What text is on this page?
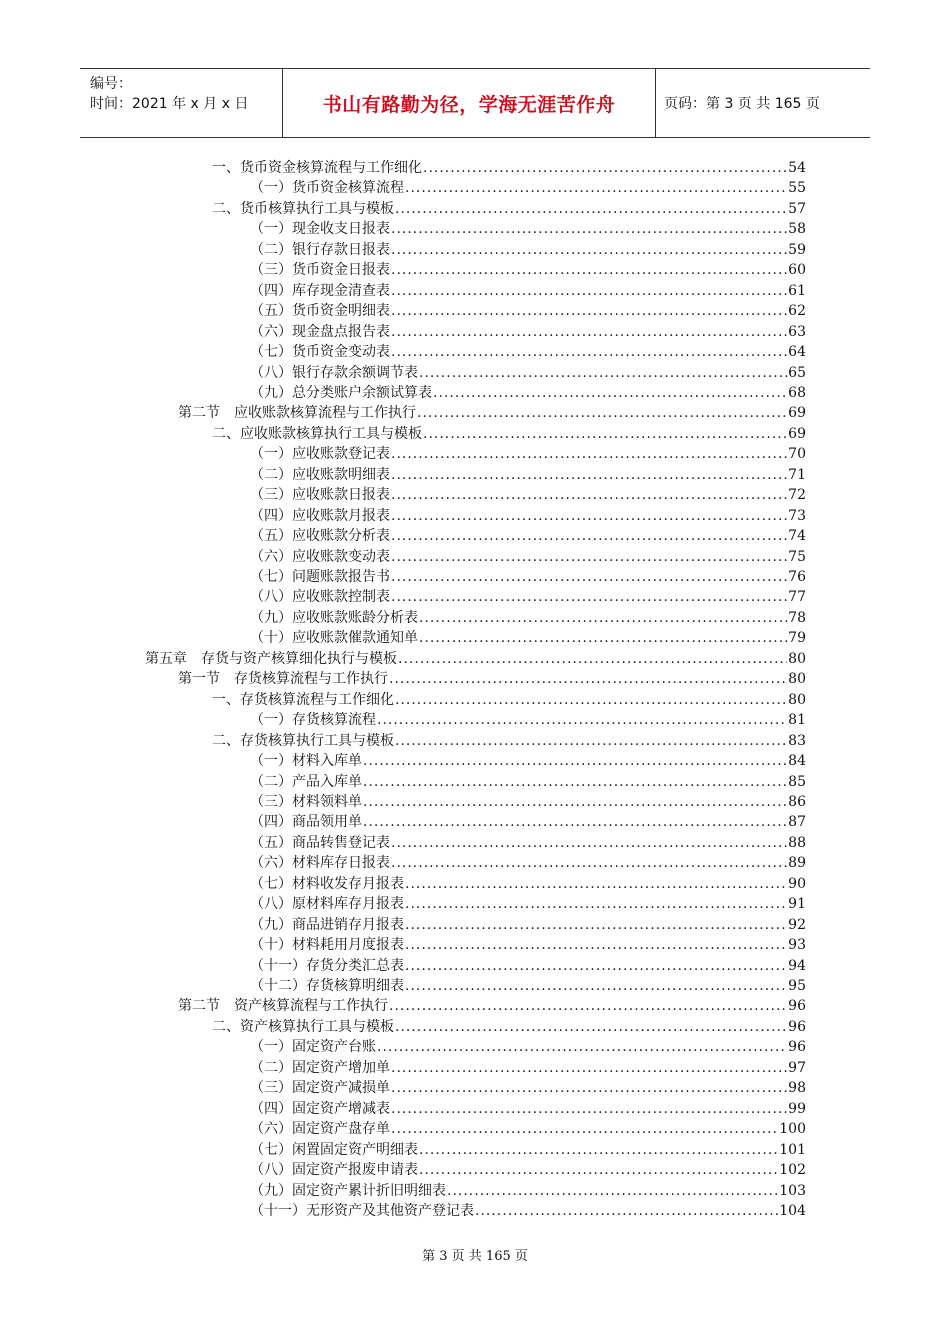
编号：
时间：2021 年 x 月 x 日	书山有路勤为径，学海无涯苦作舟	页码：第 3 页 共 165 页
一、货币资金核算流程与工作细化 .....	54
（一）货币资金核算流程 .....	55
二、货币核算执行工具与模板 .....	57
（一）现金收支日报表 .....	58
（二）银行存款日报表 .....	59
（三）货币资金日报表 .....	60
（四）库存现金清查表 .....	61
（五）货币资金明细表 .....	62
（六）现金盘点报告表 .....	63
（七）货币资金变动表 .....	64
（八）银行存款余额调节表 .....	65
（九）总分类账户余额试算表 .....	68
第二节　应收账款核算流程与工作执行 .....	69
二、应收账款核算执行工具与模板 .....	69
（一）应收账款登记表 .....	70
（二）应收账款明细表 .....	71
（三）应收账款日报表 .....	72
（四）应收账款月报表 .....	73
（五）应收账款分析表 .....	74
（六）应收账款变动表 .....	75
（七）问题账款报告书 .....	76
（八）应收账款控制表 .....	77
（九）应收账款账龄分析表 .....	78
（十）应收账款催款通知单 .....	79
第五章　存货与资产核算细化执行与模板 .....	80
第一节　存货核算流程与工作执行 .....	80
一、存货核算流程与工作细化 .....	80
（一）存货核算流程 .....	81
二、存货核算执行工具与模板 .....	83
（一）材料入库单 .....	84
（二）产品入库单 .....	85
（三）材料领料单 .....	86
（四）商品领用单 .....	87
（五）商品转售登记表 .....	88
（六）材料库存日报表 .....	89
（七）材料收发存月报表 .....	90
（八）原材料库存月报表 .....	91
（九）商品进销存月报表 .....	92
（十）材料耗用月度报表 .....	93
（十一）存货分类汇总表 .....	94
（十二）存货核算明细表 .....	95
第二节　资产核算流程与工作执行 .....	96
二、资产核算执行工具与模板 .....	96
（一）固定资产台账 .....	96
（二）固定资产增加单 .....	97
（三）固定资产减损单 .....	98
（四）固定资产增减表 .....	99
（六）固定资产盘存单 .....	100
（七）闲置固定资产明细表 .....	101
（八）固定资产报废申请表 .....	102
（九）固定资产累计折旧明细表 .....	103
（十一）无形资产及其他资产登记表 .....	104
第 3 页 共 165 页
